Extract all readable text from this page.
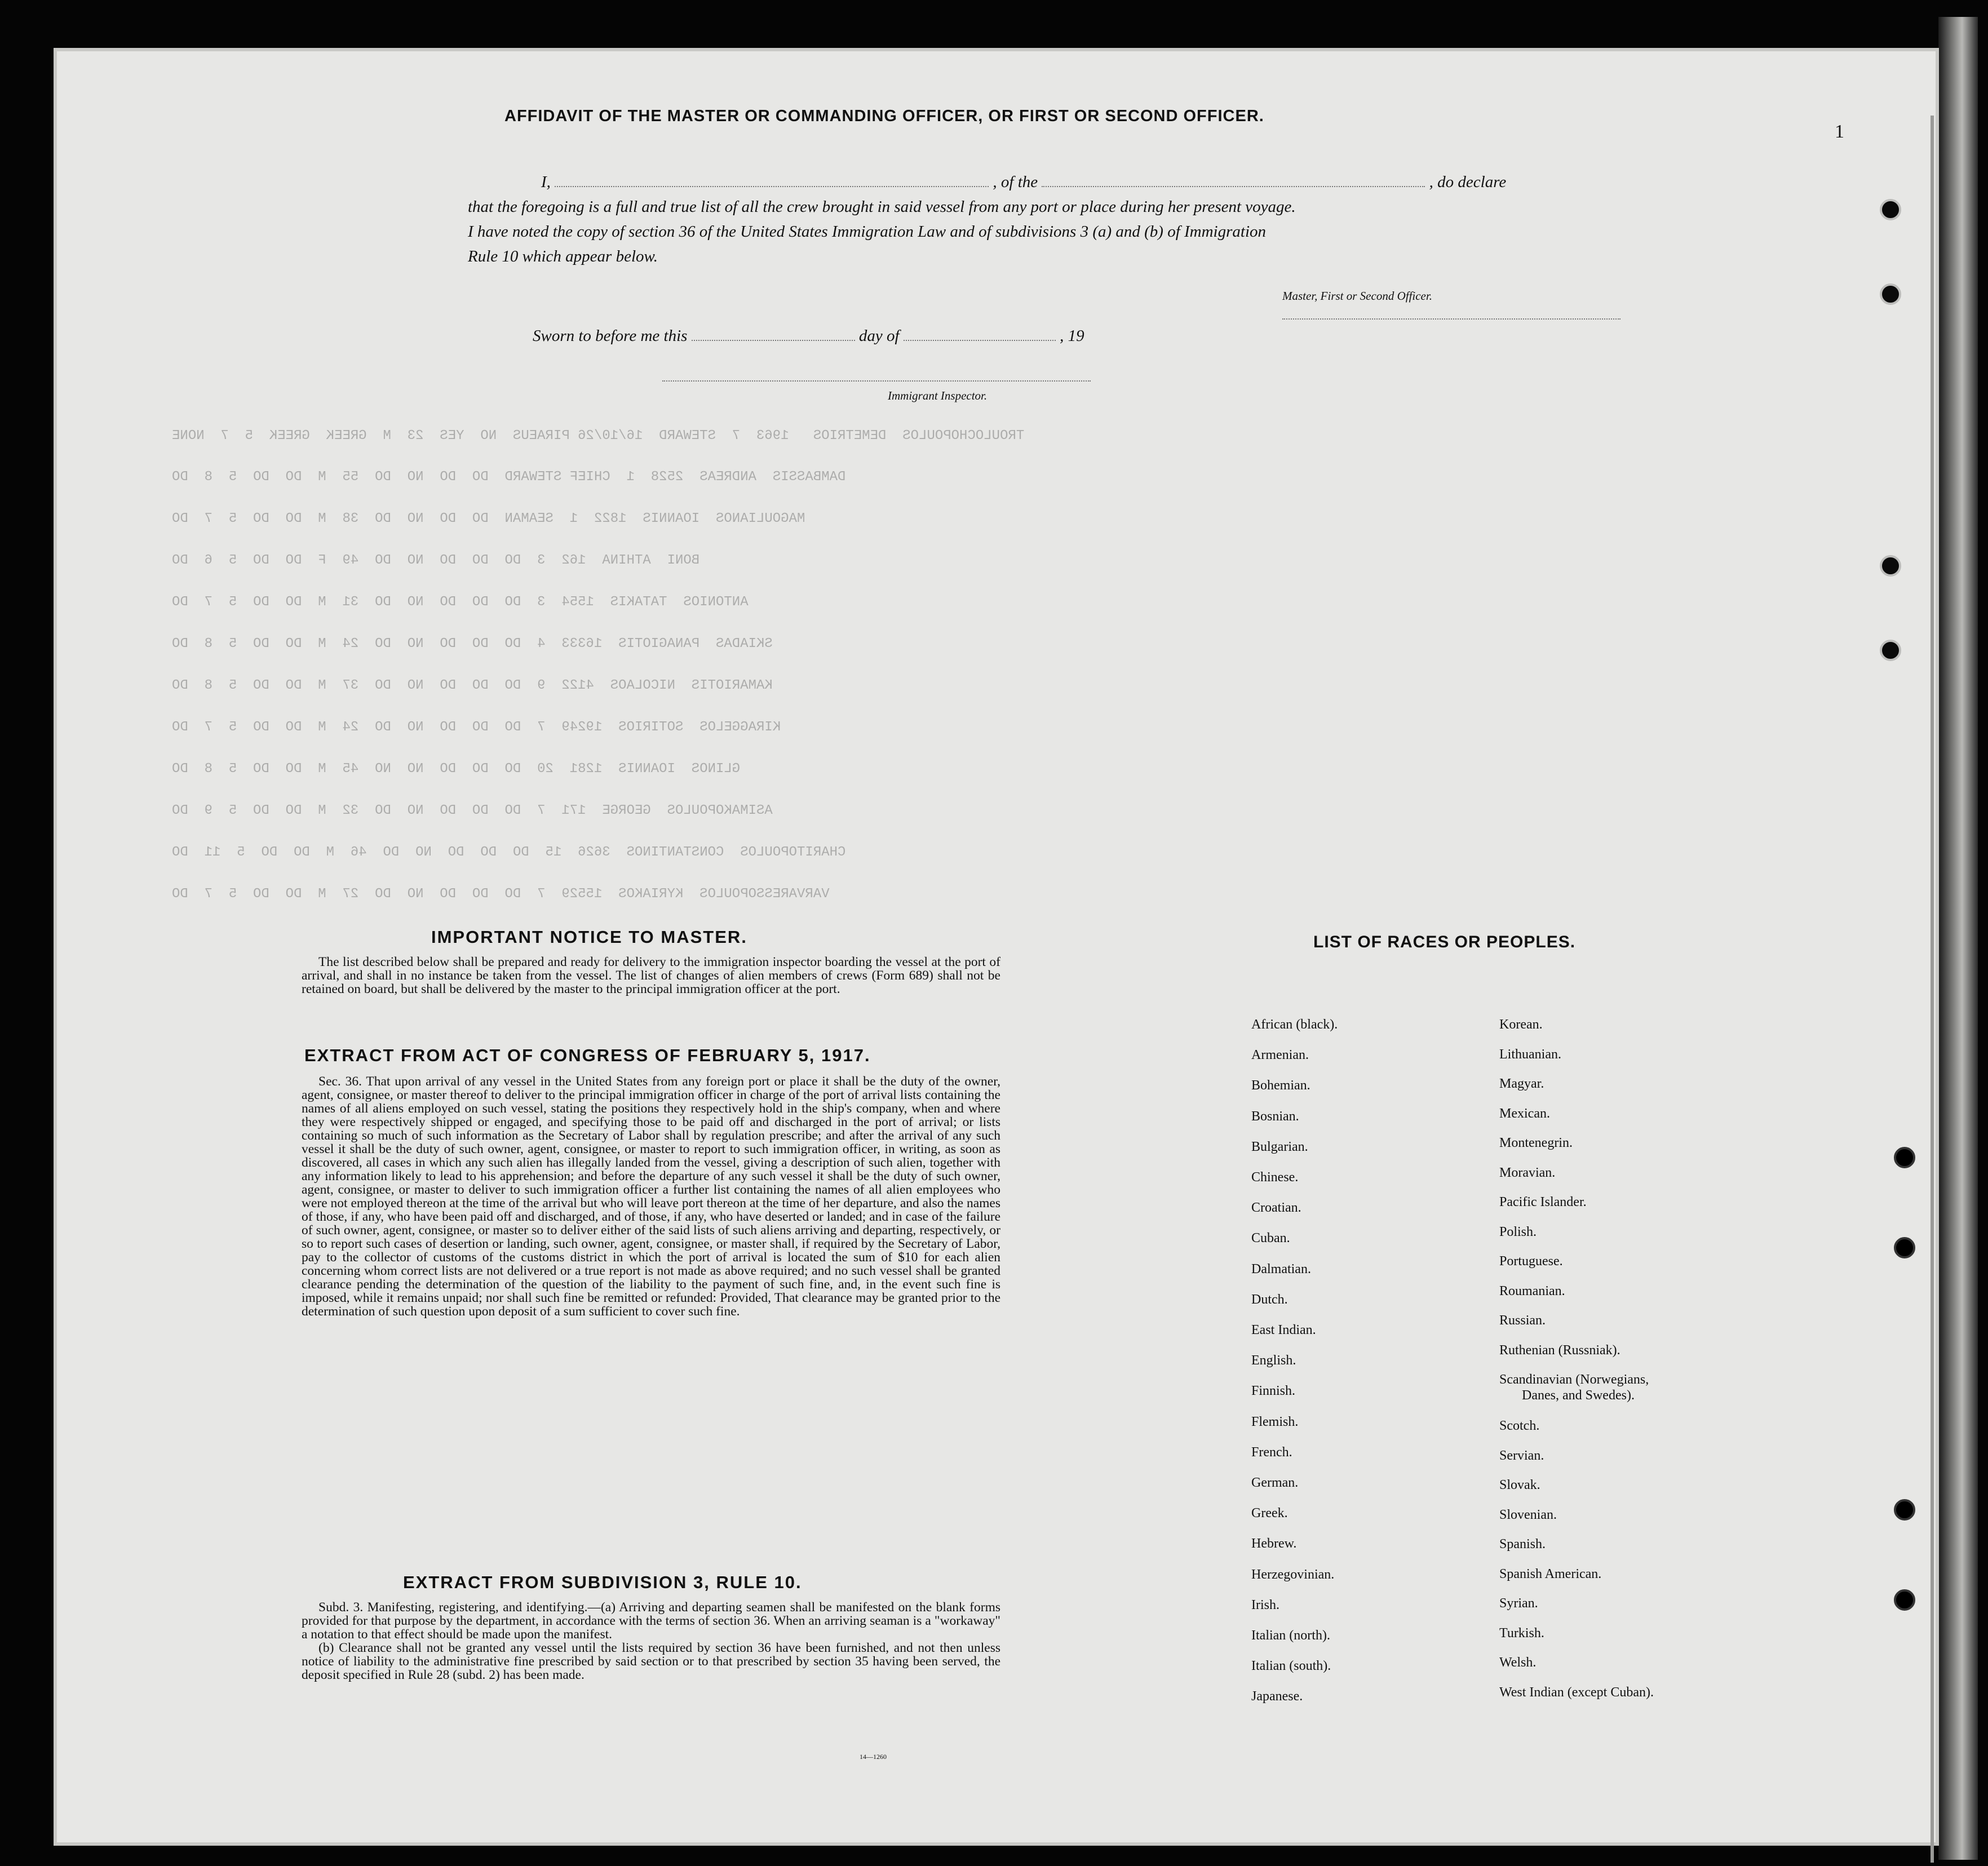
1
TROULOCHOPOULOS  DEMETRIOS   1963  7  STEWARD  16/10/26 PIRAEUS  NO  YES  23  M  GREEK  GREEK  5  7  NONE
DAMBASSIS  ANDREAS  2528  1  CHIEF STEWARD  DO  DO  NO  DO  55  M  DO  DO  5  8  DO
MAGOULIANOS  IOANNIS  1822  1  SEAMAN  DO  DO  NO  DO  38  M  DO  DO  5  7  DO
BONI  ATHINA  162  3  DO  DO  DO  NO  DO  49  F  DO  DO  5  6  DO
ANTONIOS  TATAKIS  1554  3  DO  DO  DO  NO  DO  31  M  DO  DO  5  7  DO
SKIADAS  PANAGIOTIS  16333  4  DO  DO  DO  NO  DO  24  M  DO  DO  5  8  DO
KAMARIOTIS  NICOLAOS  4122  9  DO  DO  DO  NO  DO  37  M  DO  DO  5  8  DO
KIRAGGELOS  SOTIRIOS  19249  7  DO  DO  DO  NO  DO  24  M  DO  DO  5  7  DO
GLINOS  IOANNIS  1281  20  DO  DO  DO  NO  NO  45  M  DO  DO  5  8  DO
ASIMAKOPOULOS  GEORGE  171  7  DO  DO  DO  NO  DO  32  M  DO  DO  5  9  DO
CHARITOPOULOS  CONSTANTINOS  3626  15  DO  DO  DO  NO  DO  46  M  DO  DO  5  11  DO
VARVARESSOPOULOS  KYRIAKOS  15529  7  DO  DO  DO  NO  DO  27  M  DO  DO  5  7  DO
AFFIDAVIT OF THE MASTER OR COMMANDING OFFICER, OR FIRST OR SECOND OFFICER.
I,	, of the	, do declare
that the foregoing is a full and true list of all the crew brought in said vessel from any port or place during her present voyage.
I have noted the copy of section 36 of the United States Immigration Law and of subdivisions 3 (a) and (b) of Immigration
Rule 10 which appear below.
Master, First or Second Officer.
Sworn to before me this	day of	, 19
Immigrant Inspector.
IMPORTANT NOTICE TO MASTER.

The list described below shall be prepared and ready for delivery to the immigration inspector boarding the vessel at the port of arrival, and shall in no instance be taken from the vessel. The list of changes of alien members of crews (Form 689) shall not be retained on board, but shall be delivered by the master to the principal immigration officer at the port.

EXTRACT FROM ACT OF CONGRESS OF FEBRUARY 5, 1917.

Sec. 36. That upon arrival of any vessel in the United States from any foreign port or place it shall be the duty of the owner, agent, consignee, or master thereof to deliver to the principal immigration officer in charge of the port of arrival lists containing the names of all aliens employed on such vessel, stating the positions they respectively hold in the ship's company, when and where they were respectively shipped or engaged, and specifying those to be paid off and discharged in the port of arrival; or lists containing so much of such information as the Secretary of Labor shall by regulation prescribe; and after the arrival of any such vessel it shall be the duty of such owner, agent, consignee, or master to report to such immigration officer, in writing, as soon as discovered, all cases in which any such alien has illegally landed from the vessel, giving a description of such alien, together with any information likely to lead to his apprehension; and before the departure of any such vessel it shall be the duty of such owner, agent, consignee, or master to deliver to such immigration officer a further list containing the names of all alien employees who were not employed thereon at the time of the arrival but who will leave port thereon at the time of her departure, and also the names of those, if any, who have been paid off and discharged, and of those, if any, who have deserted or landed; and in case of the failure of such owner, agent, consignee, or master so to deliver either of the said lists of such aliens arriving and departing, respectively, or so to report such cases of desertion or landing, such owner, agent, consignee, or master shall, if required by the Secretary of Labor, pay to the collector of customs of the customs district in which the port of arrival is located the sum of $10 for each alien concerning whom correct lists are not delivered or a true report is not made as above required; and no such vessel shall be granted clearance pending the determination of the question of the liability to the payment of such fine, and, in the event such fine is imposed, while it remains unpaid; nor shall such fine be remitted or refunded: Provided, That clearance may be granted prior to the determination of such question upon deposit of a sum sufficient to cover such fine.

EXTRACT FROM SUBDIVISION 3, RULE 10.

Subd. 3. Manifesting, registering, and identifying.—(a) Arriving and departing seamen shall be manifested on the blank forms provided for that purpose by the department, in accordance with the terms of section 36. When an arriving seaman is a "workaway" a notation to that effect should be made upon the manifest.

(b) Clearance shall not be granted any vessel until the lists required by section 36 have been furnished, and not then unless notice of liability to the administrative fine prescribed by said section or to that prescribed by section 35 having been served, the deposit specified in Rule 28 (subd. 2) has been made.

14—1260
LIST OF RACES OR PEOPLES.
African (black).
Armenian.
Bohemian.
Bosnian.
Bulgarian.
Chinese.
Croatian.
Cuban.
Dalmatian.
Dutch.
East Indian.
English.
Finnish.
Flemish.
French.
German.
Greek.
Hebrew.
Herzegovinian.
Irish.
Italian (north).
Italian (south).
Japanese.
Korean.
Lithuanian.
Magyar.
Mexican.
Montenegrin.
Moravian.
Pacific Islander.
Polish.
Portuguese.
Roumanian.
Russian.
Ruthenian (Russniak).
Scandinavian (Norwegians,
Danes, and Swedes).
Scotch.
Servian.
Slovak.
Slovenian.
Spanish.
Spanish American.
Syrian.
Turkish.
Welsh.
West Indian (except Cuban).
